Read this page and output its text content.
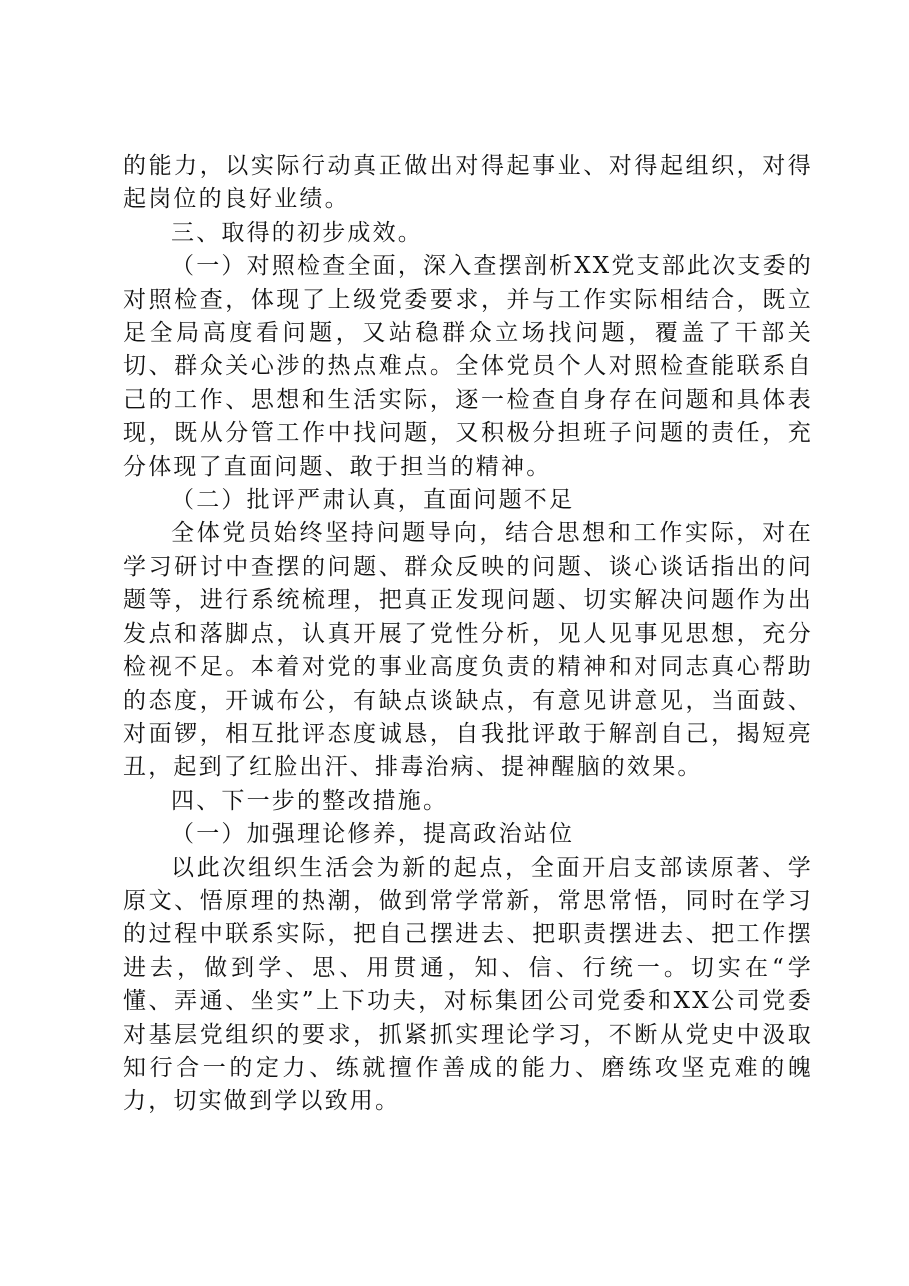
的能力，以实际行动真正做出对得起事业、对得起组织，对得起岗位的良好业绩。

三、取得的初步成效。

（一）对照检查全面，深入查摆剖析XX党支部此次支委的对照检查，体现了上级党委要求，并与工作实际相结合，既立足全局高度看问题，又站稳群众立场找问题，覆盖了干部关切、群众关心涉的热点难点。全体党员个人对照检查能联系自己的工作、思想和生活实际，逐一检查自身存在问题和具体表现，既从分管工作中找问题，又积极分担班子问题的责任，充分体现了直面问题、敢于担当的精神。

（二）批评严肃认真，直面问题不足

全体党员始终坚持问题导向，结合思想和工作实际，对在学习研讨中查摆的问题、群众反映的问题、谈心谈话指出的问题等，进行系统梳理，把真正发现问题、切实解决问题作为出发点和落脚点，认真开展了党性分析，见人见事见思想，充分检视不足。本着对党的事业高度负责的精神和对同志真心帮助的态度，开诚布公，有缺点谈缺点，有意见讲意见，当面鼓、对面锣，相互批评态度诚恳，自我批评敢于解剖自己，揭短亮丑，起到了红脸出汗、排毒治病、提神醒脑的效果。

四、下一步的整改措施。

（一）加强理论修养，提高政治站位

以此次组织生活会为新的起点，全面开启支部读原著、学原文、悟原理的热潮，做到常学常新，常思常悟，同时在学习的过程中联系实际，把自己摆进去、把职责摆进去、把工作摆进去，做到学、思、用贯通，知、信、行统一。切实在“学懂、弄通、坐实”上下功夫，对标集团公司党委和XX公司党委对基层党组织的要求，抓紧抓实理论学习，不断从党史中汲取知行合一的定力、练就擅作善成的能力、磨练攻坚克难的魄力，切实做到学以致用。
